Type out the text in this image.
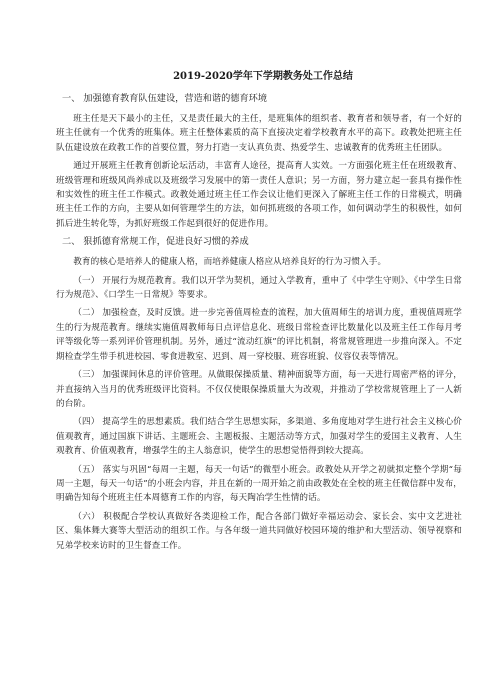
2019-2020学年下学期教务处工作总结
一、 加强德育教育队伍建设，营造和谐的德育环境

班主任是天下最小的主任，又是责任最大的主任，是班集体的组织者、教育者和领导者，有一个好的班主任就有一个优秀的班集体。班主任整体素质的高下直接决定着学校教育水平的高下。政教处把班主任队伍建设放在政教工作的首要位置，努力打造一支认真负责、热爱学生、忠诚教育的优秀班主任团队。

通过开展班主任教育创新论坛活动，丰富育人途径，提高育人实效。一方面强化班主任在班级教育、班级管理和班级风尚养成以及班级学习发展中的第一责任人意识；另一方面，努力建立起一套具有操作性和实效性的班主任工作模式。政教处通过班主任工作会议让他们更深入了解班主任工作的日常模式，明确班主任工作的方向，主要从如何管理学生的方法，如何抓班级的各项工作，如何调动学生的积极性，如何抓后进生转化等，为抓好班级工作起到很好的促进作用。

二、 狠抓德育常规工作，促进良好习惯的养成

教育的核心是培养人的健康人格，而培养健康人格应从培养良好的行为习惯入手。

（一） 开展行为规范教育。我们以开学为契机，通过入学教育，重申了《中学生守则》、《中学生日常行为规范》、《口学生一日常规》等要求。

（二） 加强检查，及时反馈。进一步完善值周检查的流程，加大值周师生的培训力度，重视值周班学生的行为规范教育。继续实施值周教师每日点评信息化、班级日常检查评比数量化以及班主任工作每月考评等级化等一系列评价管理机制。另外，通过“流动红旗”的评比机制，将常规管理进一步推向深入。不定期检查学生带手机进校园、零食进教室、迟到、周一穿校服、班容班貌、仪容仪表等情况。

（三） 加强课间休息的评价管理。从做眼保操质量、精神面貌等方面，每一天进行周密严格的评分，并直接纳入当月的优秀班级评比资料。不仅仅使眼保操质量大为改观，并推动了学校常规管理上了一人新的台阶。

（四） 提高学生的思想素质。我们结合学生思想实际，多渠道、多角度地对学生进行社会主义核心价值观教育，通过国旗下讲话、主题班会、主题板报、主题活动等方式，加强对学生的爱国主义教育、人生观教育、价值观教育，增强学生的主人翁意识，使学生的思想觉悟得到较大提高。

（五） 落实与巩固“每周一主题，每天一句话”的微型小班会。政教处从开学之初就拟定整个学期“每周一主题，每天一句话”的小班会内容，并且在新的一周开始之前由政教处在全校的班主任微信群中发布，明确告知每个班班主任本周德育工作的内容，每天陶冶学生性情的话。

（六） 积极配合学校认真做好各类迎检工作，配合各部门做好幸福运动会、家长会、实中文艺进社区、集体舞大赛等大型活动的组织工作。与各年级一道共同做好校园环境的维护和大型活动、领导视察和兄弟学校来访时的卫生督查工作。
